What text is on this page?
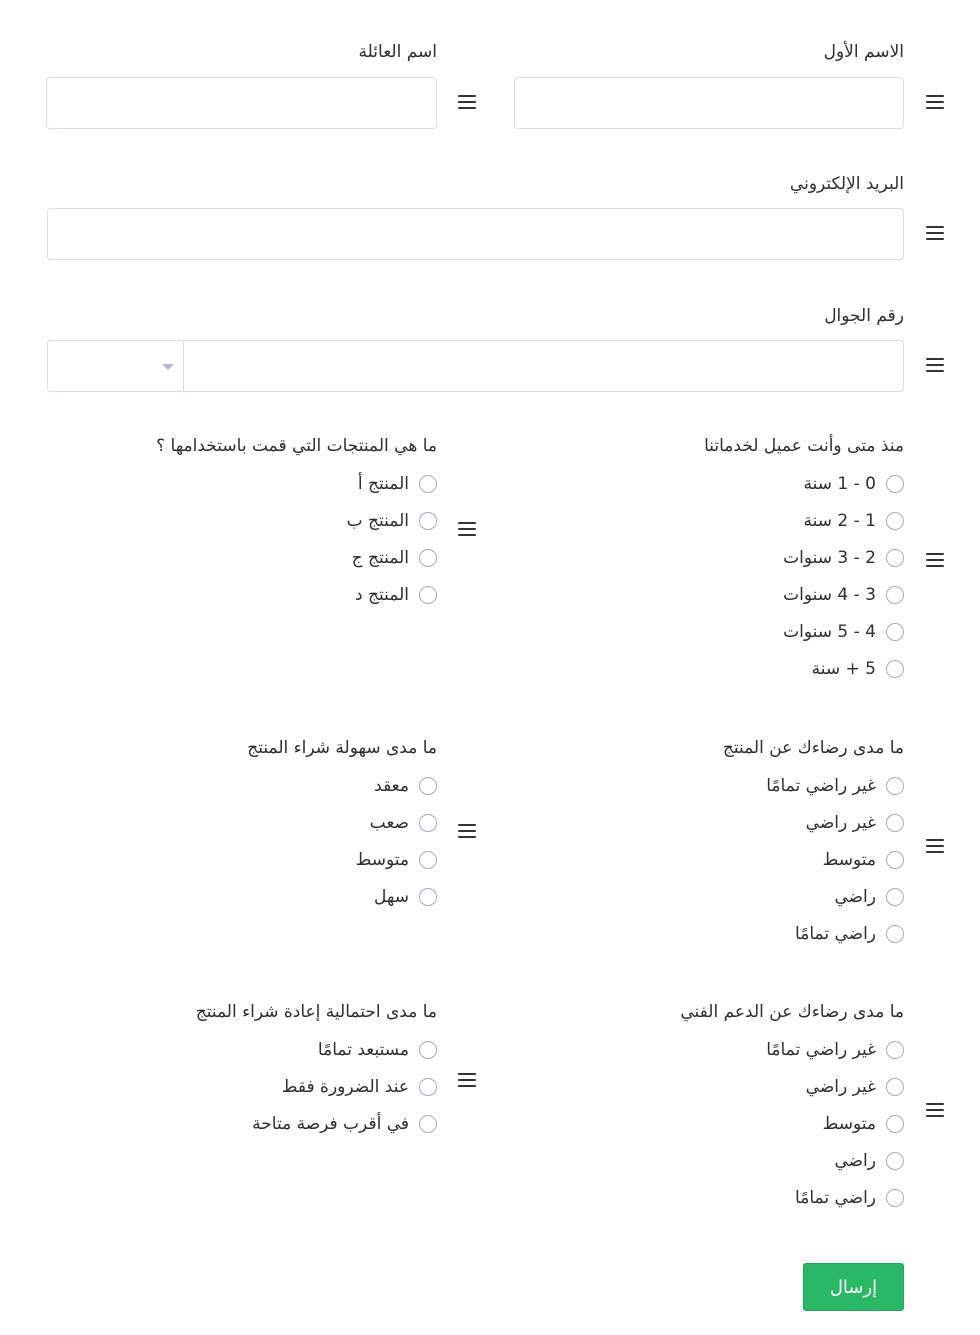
الاسم الأول
اسم العائلة
البريد الإلكتروني
رقم الجوال
منذ متى وأنت عميل لخدماتنا
0 - 1 سنة
1 - 2 سنة
2 - 3 سنوات
3 - 4 سنوات
4 - 5 سنوات
5 + سنة
ما هي المنتجات التي قمت باستخدامها ؟
المنتج أ
المنتج ب
المنتج ج
المنتج د
ما مدى رضاءك عن المنتج
غير راضي تمامًا
غير راضي
متوسط
راضي
راضي تمامًا
ما مدى سهولة شراء المنتج
معقد
صعب
متوسط
سهل
ما مدى رضاءك عن الدعم الفني
غير راضي تمامًا
غير راضي
متوسط
راضي
راضي تمامًا
ما مدى احتمالية إعادة شراء المنتج
مستبعد تمامًا
عند الضرورة فقط
في أقرب فرصة متاحة
إرسال
